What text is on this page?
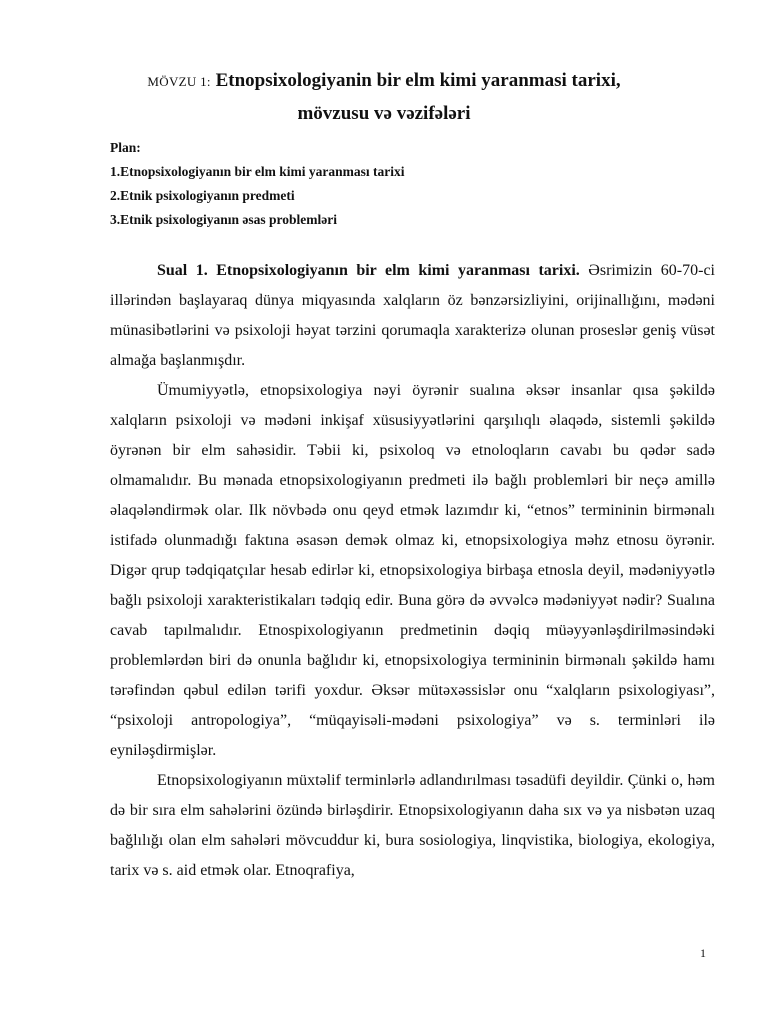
MÖVZU 1: Etnopsixologiyanin bir elm kimi yaranmasi tarixi,
mövzusu və vəzifələri
Plan:
1.Etnopsixologiyanın bir elm kimi yaranması tarixi
2.Etnik psixologiyanın predmeti
3.Etnik psixologiyanın əsas problemləri

Sual 1. Etnopsixologiyanın bir elm kimi yaranması tarixi. Əsrimizin 60-70-ci illərindən başlayaraq dünya miqyasında xalqların öz bənzərsizliyini, orijinallığını, mədəni münasibətlərini və psixoloji həyat tərzini qorumaqla xarakterizə olunan proseslər geniş vüsət almağa başlanmışdır.

Ümumiyyətlə, etnopsixologiya nəyi öyrənir sualına əksər insanlar qısa şəkildə xalqların psixoloji və mədəni inkişaf xüsusiyyətlərini qarşılıqlı əlaqədə, sistemli şəkildə öyrənən bir elm sahəsidir. Təbii ki, psixoloq və etnoloqların cavabı bu qədər sadə olmamalıdır. Bu mənada etnopsixologiyanın predmeti ilə bağlı problemləri bir neçə amillə əlaqələndirmək olar. Ilk növbədə onu qeyd etmək lazımdır ki, “etnos” termininin birmənalı istifadə olunmadığı faktına əsasən demək olmaz ki, etnopsixologiya məhz etnosu öyrənir. Digər qrup tədqiqatçılar hesab edirlər ki, etnopsixologiya birbaşa etnosla deyil, mədəniyyətlə bağlı psixoloji xarakteristikaları tədqiq edir. Buna görə də əvvəlcə mədəniyyət nədir? Sualına cavab tapılmalıdır. Etnospixologiyanın predmetinin dəqiq müəyyənləşdirilməsindəki problemlərdən biri də onunla bağlıdır ki, etnopsixologiya termininin birmənalı şəkildə hamı tərəfindən qəbul edilən tərifi yoxdur. Əksər mütəxəssislər onu “xalqların psixologiyası”, “psixoloji antropologiya”, “müqayisəli-mədəni psixologiya” və s. terminləri ilə eyniləşdirmişlər.

Etnopsixologiyanın müxtəlif terminlərlə adlandırılması təsadüfi deyildir. Çünki o, həm də bir sıra elm sahələrini özündə birləşdirir. Etnopsixologiyanın daha sıx və ya nisbətən uzaq bağlılığı olan elm sahələri mövcuddur ki, bura sosiologiya, linqvistika, biologiya, ekologiya, tarix və s. aid etmək olar. Etnoqrafiya,

1
